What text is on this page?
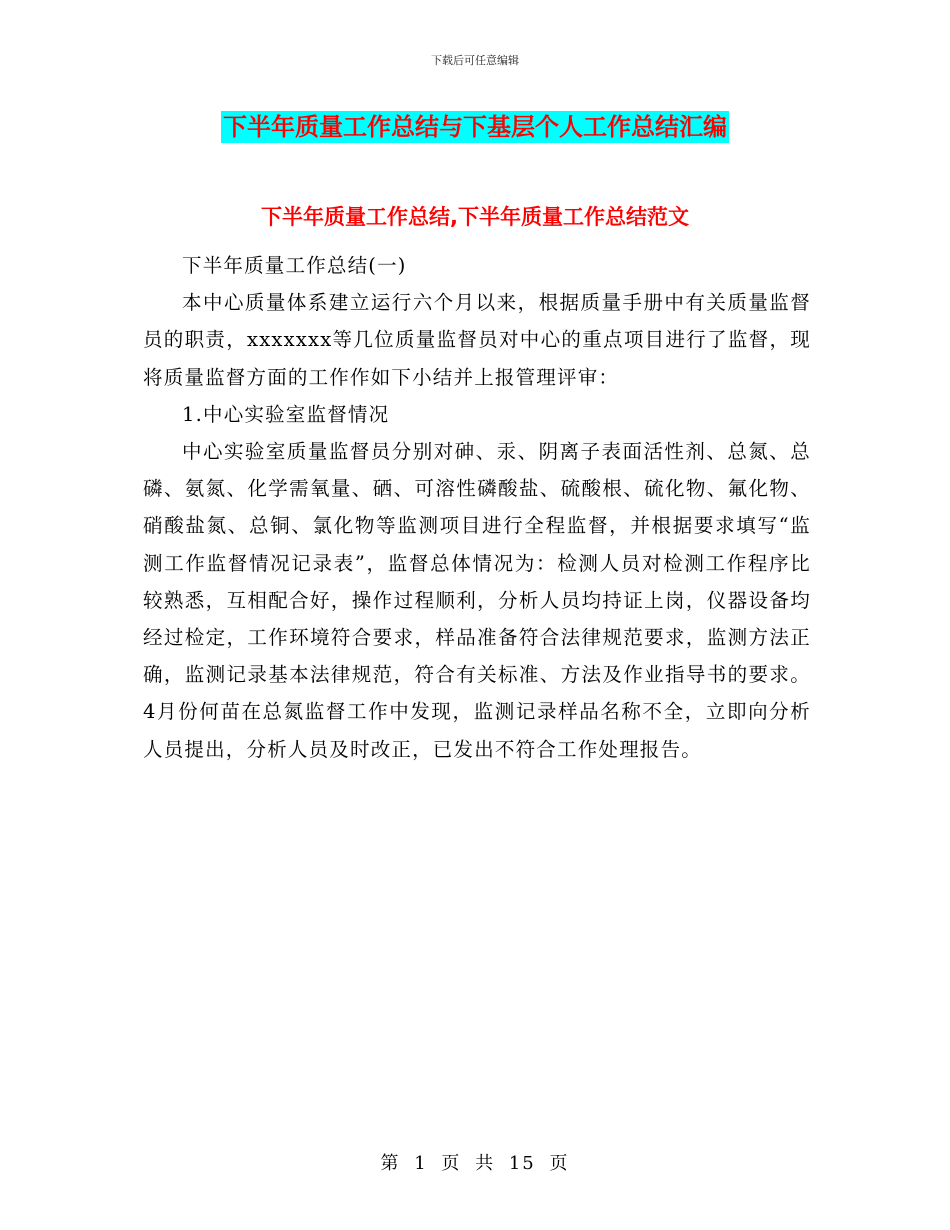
下载后可任意编辑
下半年质量工作总结与下基层个人工作总结汇编
下半年质量工作总结,下半年质量工作总结范文

下半年质量工作总结(一)

本中心质量体系建立运行六个月以来，根据质量手册中有关质量监督员的职责，xxxxxxx等几位质量监督员对中心的重点项目进行了监督，现将质量监督方面的工作作如下小结并上报管理评审：

1.中心实验室监督情况

中心实验室质量监督员分别对砷、汞、阴离子表面活性剂、总氮、总磷、氨氮、化学需氧量、硒、可溶性磷酸盐、硫酸根、硫化物、氟化物、硝酸盐氮、总铜、氯化物等监测项目进行全程监督，并根据要求填写“监测工作监督情况记录表”，监督总体情况为：检测人员对检测工作程序比较熟悉，互相配合好，操作过程顺利，分析人员均持证上岗，仪器设备均经过检定，工作环境符合要求，样品准备符合法律规范要求，监测方法正确，监测记录基本法律规范，符合有关标准、方法及作业指导书的要求。4月份何苗在总氮监督工作中发现，监测记录样品名称不全，立即向分析人员提出，分析人员及时改正，已发出不符合工作处理报告。

第 1 页 共 15 页
